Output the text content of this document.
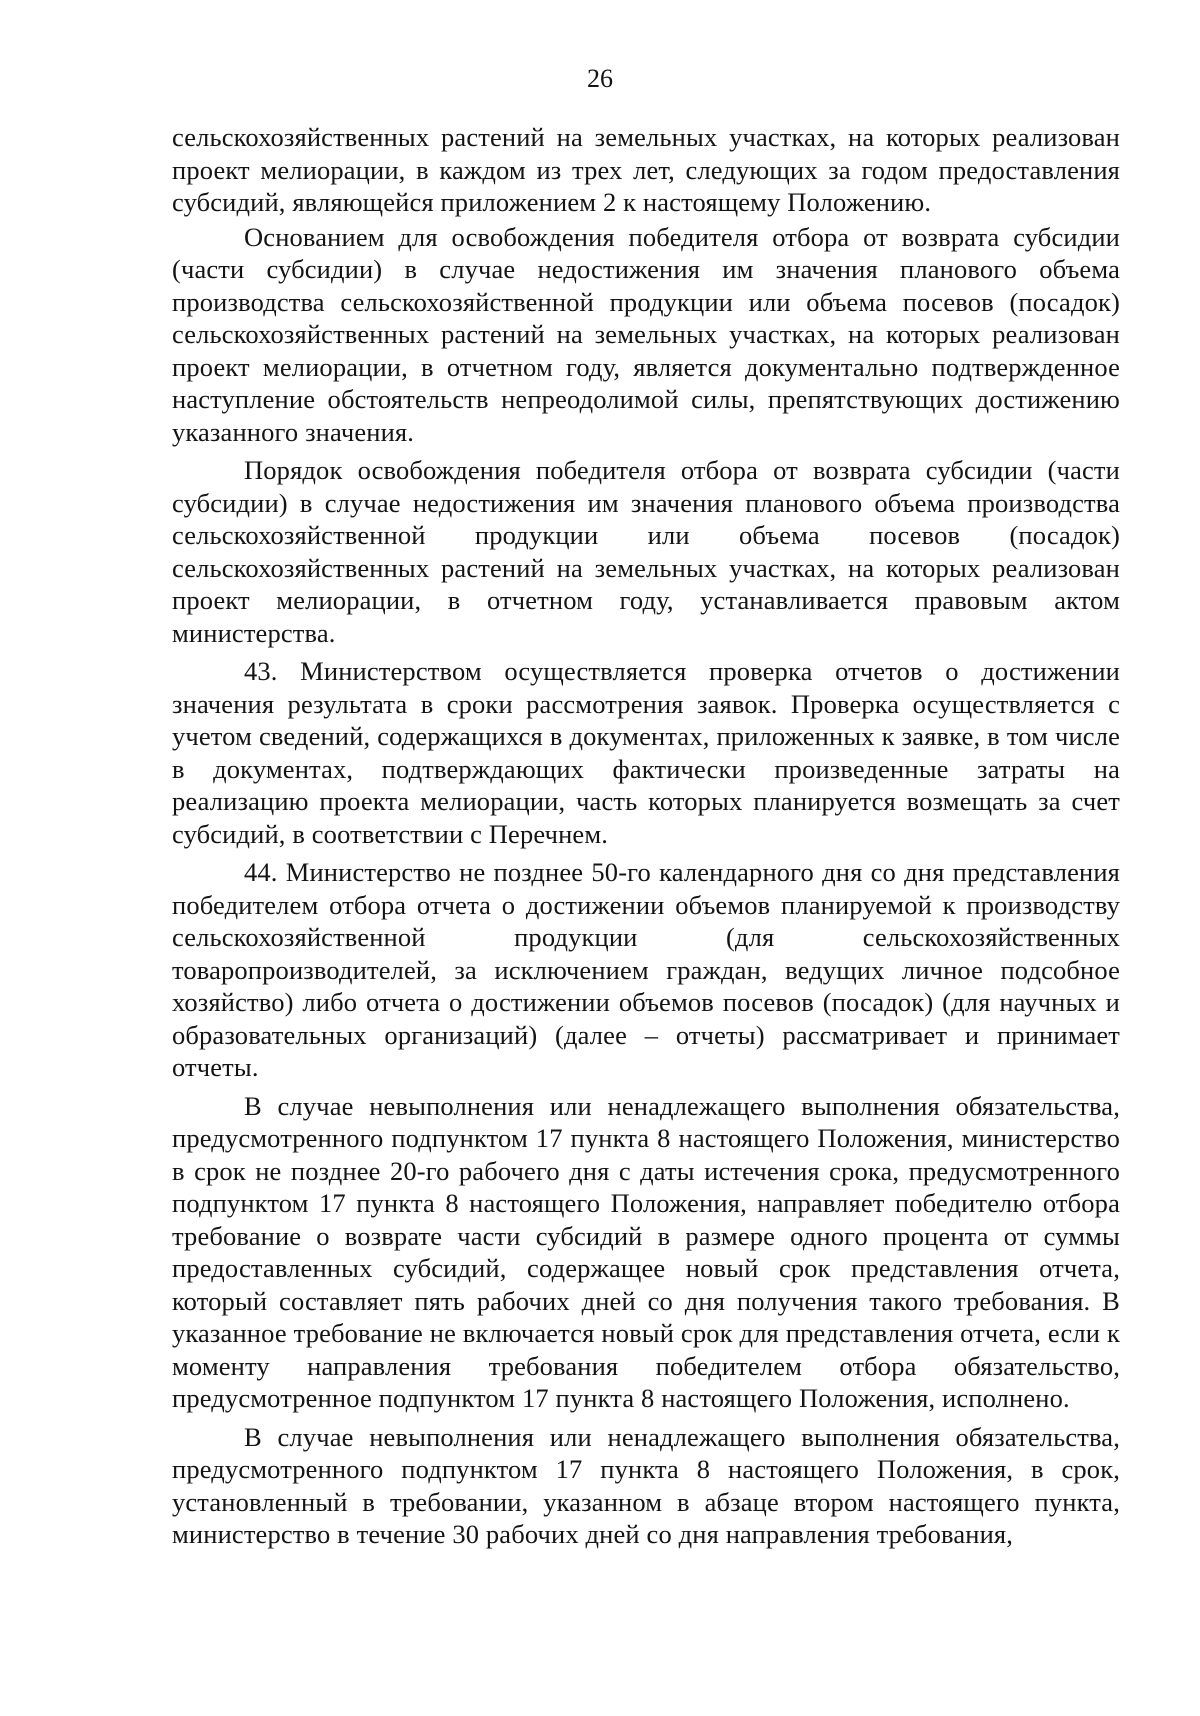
26

сельскохозяйственных растений на земельных участках, на которых реализован проект мелиорации, в каждом из трех лет, следующих за годом предоставления субсидий, являющейся приложением 2 к настоящему Положению.

Основанием для освобождения победителя отбора от возврата субсидии (части субсидии) в случае недостижения им значения планового объема производства сельскохозяйственной продукции или объема посевов (посадок) сельскохозяйственных растений на земельных участках, на которых реализован проект мелиорации, в отчетном году, является документально подтвержденное наступление обстоятельств непреодолимой силы, препятствующих достижению указанного значения.

Порядок освобождения победителя отбора от возврата субсидии (части субсидии) в случае недостижения им значения планового объема производства сельскохозяйственной продукции или объема посевов (посадок) сельскохозяйственных растений на земельных участках, на которых реализован проект мелиорации, в отчетном году, устанавливается правовым актом министерства.

43. Министерством осуществляется проверка отчетов о достижении значения результата в сроки рассмотрения заявок. Проверка осуществляется с учетом сведений, содержащихся в документах, приложенных к заявке, в том числе в документах, подтверждающих фактически произведенные затраты на реализацию проекта мелиорации, часть которых планируется возмещать за счет субсидий, в соответствии с Перечнем.

44. Министерство не позднее 50-го календарного дня со дня представления победителем отбора отчета о достижении объемов планируемой к производству сельскохозяйственной продукции (для сельскохозяйственных товаропроизводителей, за исключением граждан, ведущих личное подсобное хозяйство) либо отчета о достижении объемов посевов (посадок) (для научных и образовательных организаций) (далее – отчеты) рассматривает и принимает отчеты.

В случае невыполнения или ненадлежащего выполнения обязательства, предусмотренного подпунктом 17 пункта 8 настоящего Положения, министерство в срок не позднее 20-го рабочего дня с даты истечения срока, предусмотренного подпунктом 17 пункта 8 настоящего Положения, направляет победителю отбора требование о возврате части субсидий в размере одного процента от суммы предоставленных субсидий, содержащее новый срок представления отчета, который составляет пять рабочих дней со дня получения такого требования. В указанное требование не включается новый срок для представления отчета, если к моменту направления требования победителем отбора обязательство, предусмотренное подпунктом 17 пункта 8 настоящего Положения, исполнено.

В случае невыполнения или ненадлежащего выполнения обязательства, предусмотренного подпунктом 17 пункта 8 настоящего Положения, в срок, установленный в требовании, указанном в абзаце втором настоящего пункта, министерство в течение 30 рабочих дней со дня направления требования,
